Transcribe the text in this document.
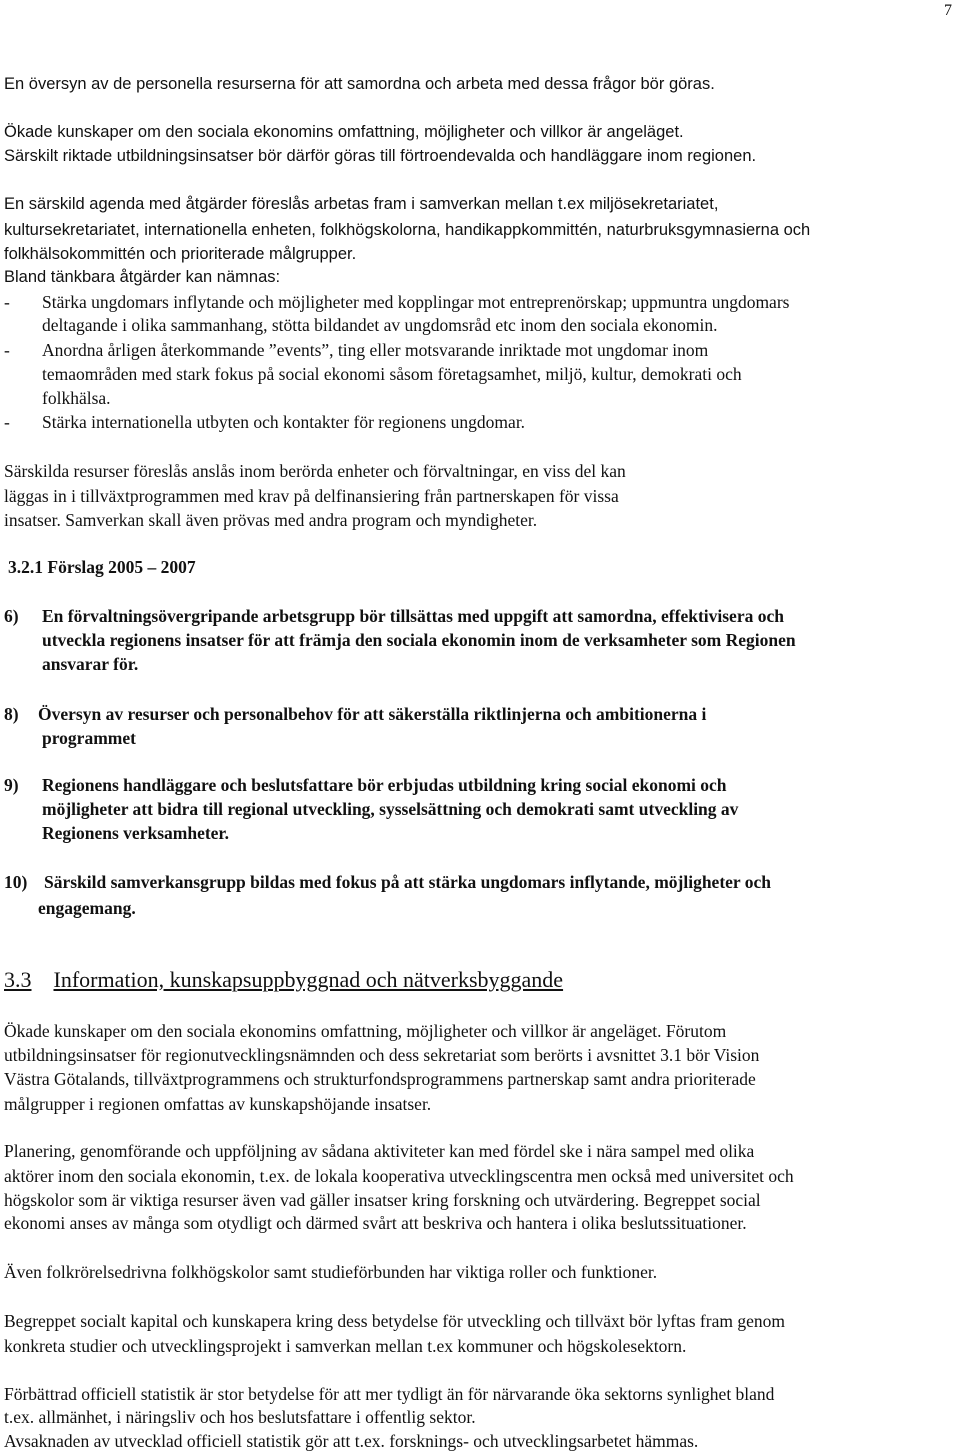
7
En översyn av de personella resurserna för att samordna och arbeta med dessa frågor bör göras.
Ökade kunskaper om den sociala ekonomins omfattning, möjligheter och villkor är angeläget.
Särskilt riktade utbildningsinsatser bör därför göras till förtroendevalda och handläggare inom regionen.
En särskild agenda med åtgärder föreslås arbetas fram i samverkan mellan t.ex miljösekretariatet,
kultursekretariatet, internationella enheten, folkhögskolorna, handikappkommittén, naturbruksgymnasierna och
folkhälsokommittén och prioriterade målgrupper.
Bland tänkbara åtgärder kan nämnas:
- Stärka ungdomars inflytande och möjligheter med kopplingar mot entreprenörskap; uppmuntra ungdomars
deltagande i olika sammanhang, stötta bildandet av ungdomsråd etc inom den sociala ekonomin.
- Anordna årligen återkommande ”events”, ting eller motsvarande inriktade mot ungdomar inom
temaområden med stark fokus på social ekonomi såsom företagsamhet, miljö, kultur, demokrati och
folkhälsa.
- Stärka internationella utbyten och kontakter för regionens ungdomar.
Särskilda resurser föreslås anslås inom berörda enheter och förvaltningar, en viss del kan
läggas in i tillväxtprogrammen med krav på delfinansiering från partnerskapen för vissa
insatser. Samverkan skall även prövas med andra program och myndigheter.
3.2.1 Förslag 2005 – 2007
6) En förvaltningsövergripande arbetsgrupp bör tillsättas med uppgift att samordna, effektivisera och
utveckla regionens insatser för att främja den sociala ekonomin inom de verksamheter som Regionen
ansvarar för.
8) Översyn av resurser och personalbehov för att säkerställa riktlinjerna och ambitionerna i
programmet
9) Regionens handläggare och beslutsfattare bör erbjudas utbildning kring social ekonomi och
möjligheter att bidra till regional utveckling, sysselsättning och demokrati samt utveckling av
Regionens verksamheter.
10) Särskild samverkansgrupp bildas med fokus på att stärka ungdomars inflytande, möjligheter och
engagemang.
3.3 Information, kunskapsuppbyggnad och nätverksbyggande
Ökade kunskaper om den sociala ekonomins omfattning, möjligheter och villkor är angeläget. Förutom
utbildningsinsatser för regionutvecklingsnämnden och dess sekretariat som berörts i avsnittet 3.1 bör Vision
Västra Götalands, tillväxtprogrammens och strukturfondsprogrammens partnerskap samt andra prioriterade
målgrupper i regionen omfattas av kunskapshöjande insatser.
Planering, genomförande och uppföljning av sådana aktiviteter kan med fördel ske i nära sampel med olika
aktörer inom den sociala ekonomin, t.ex. de lokala kooperativa utvecklingscentra men också med universitet och
högskolor som är viktiga resurser även vad gäller insatser kring forskning och utvärdering. Begreppet social
ekonomi anses av många som otydligt och därmed svårt att beskriva och hantera i olika beslutssituationer.
Även folkrörelsedrivna folkhögskolor samt studieförbunden har viktiga roller och funktioner.
Begreppet socialt kapital och kunskapera kring dess betydelse för utveckling och tillväxt bör lyftas fram genom
konkreta studier och utvecklingsprojekt i samverkan mellan t.ex kommuner och högskolesektorn.
Förbättrad officiell statistik är stor betydelse för att mer tydligt än för närvarande öka sektorns synlighet bland
t.ex. allmänhet, i näringsliv och hos beslutsfattare i offentlig sektor.
Avsaknaden av utvecklad officiell statistik gör att t.ex. forsknings- och utvecklingsarbetet hämmas.
